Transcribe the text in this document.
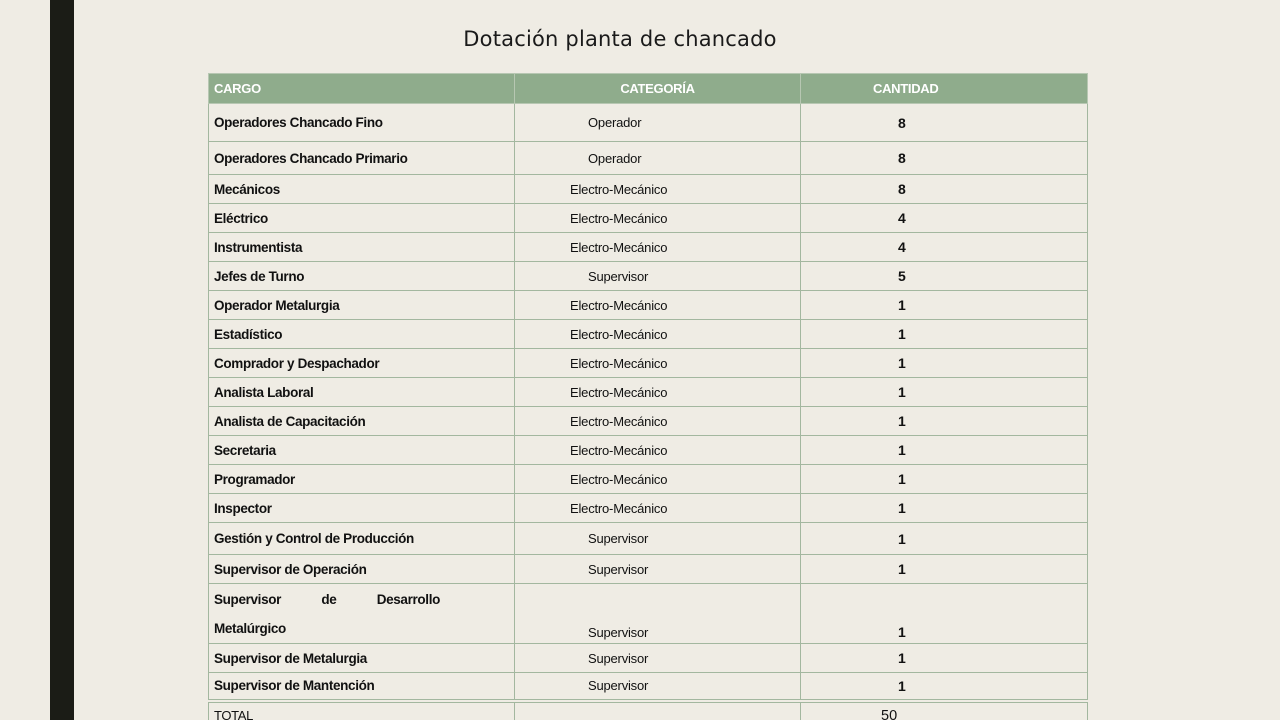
Dotación planta de chancado
CARGO	CATEGORÍA	CANTIDAD
Operadores Chancado Fino	Operador	8
Operadores Chancado Primario	Operador	8
Mecánicos	Electro-Mecánico	8
Eléctrico	Electro-Mecánico	4
Instrumentista	Electro-Mecánico	4
Jefes de Turno	Supervisor	5
Operador Metalurgia	Electro-Mecánico	1
Estadístico	Electro-Mecánico	1
Comprador y Despachador	Electro-Mecánico	1
Analista Laboral	Electro-Mecánico	1
Analista de Capacitación	Electro-Mecánico	1
Secretaria	Electro-Mecánico	1
Programador	Electro-Mecánico	1
Inspector	Electro-Mecánico	1
Gestión y Control de Producción	Supervisor	1
Supervisor de Operación	Supervisor	1

Supervisor de Desarrollo
Metalúrgico	Supervisor	1
Supervisor de Metalurgia	Supervisor	1
Supervisor de Mantención	Supervisor	1
TOTAL		50
